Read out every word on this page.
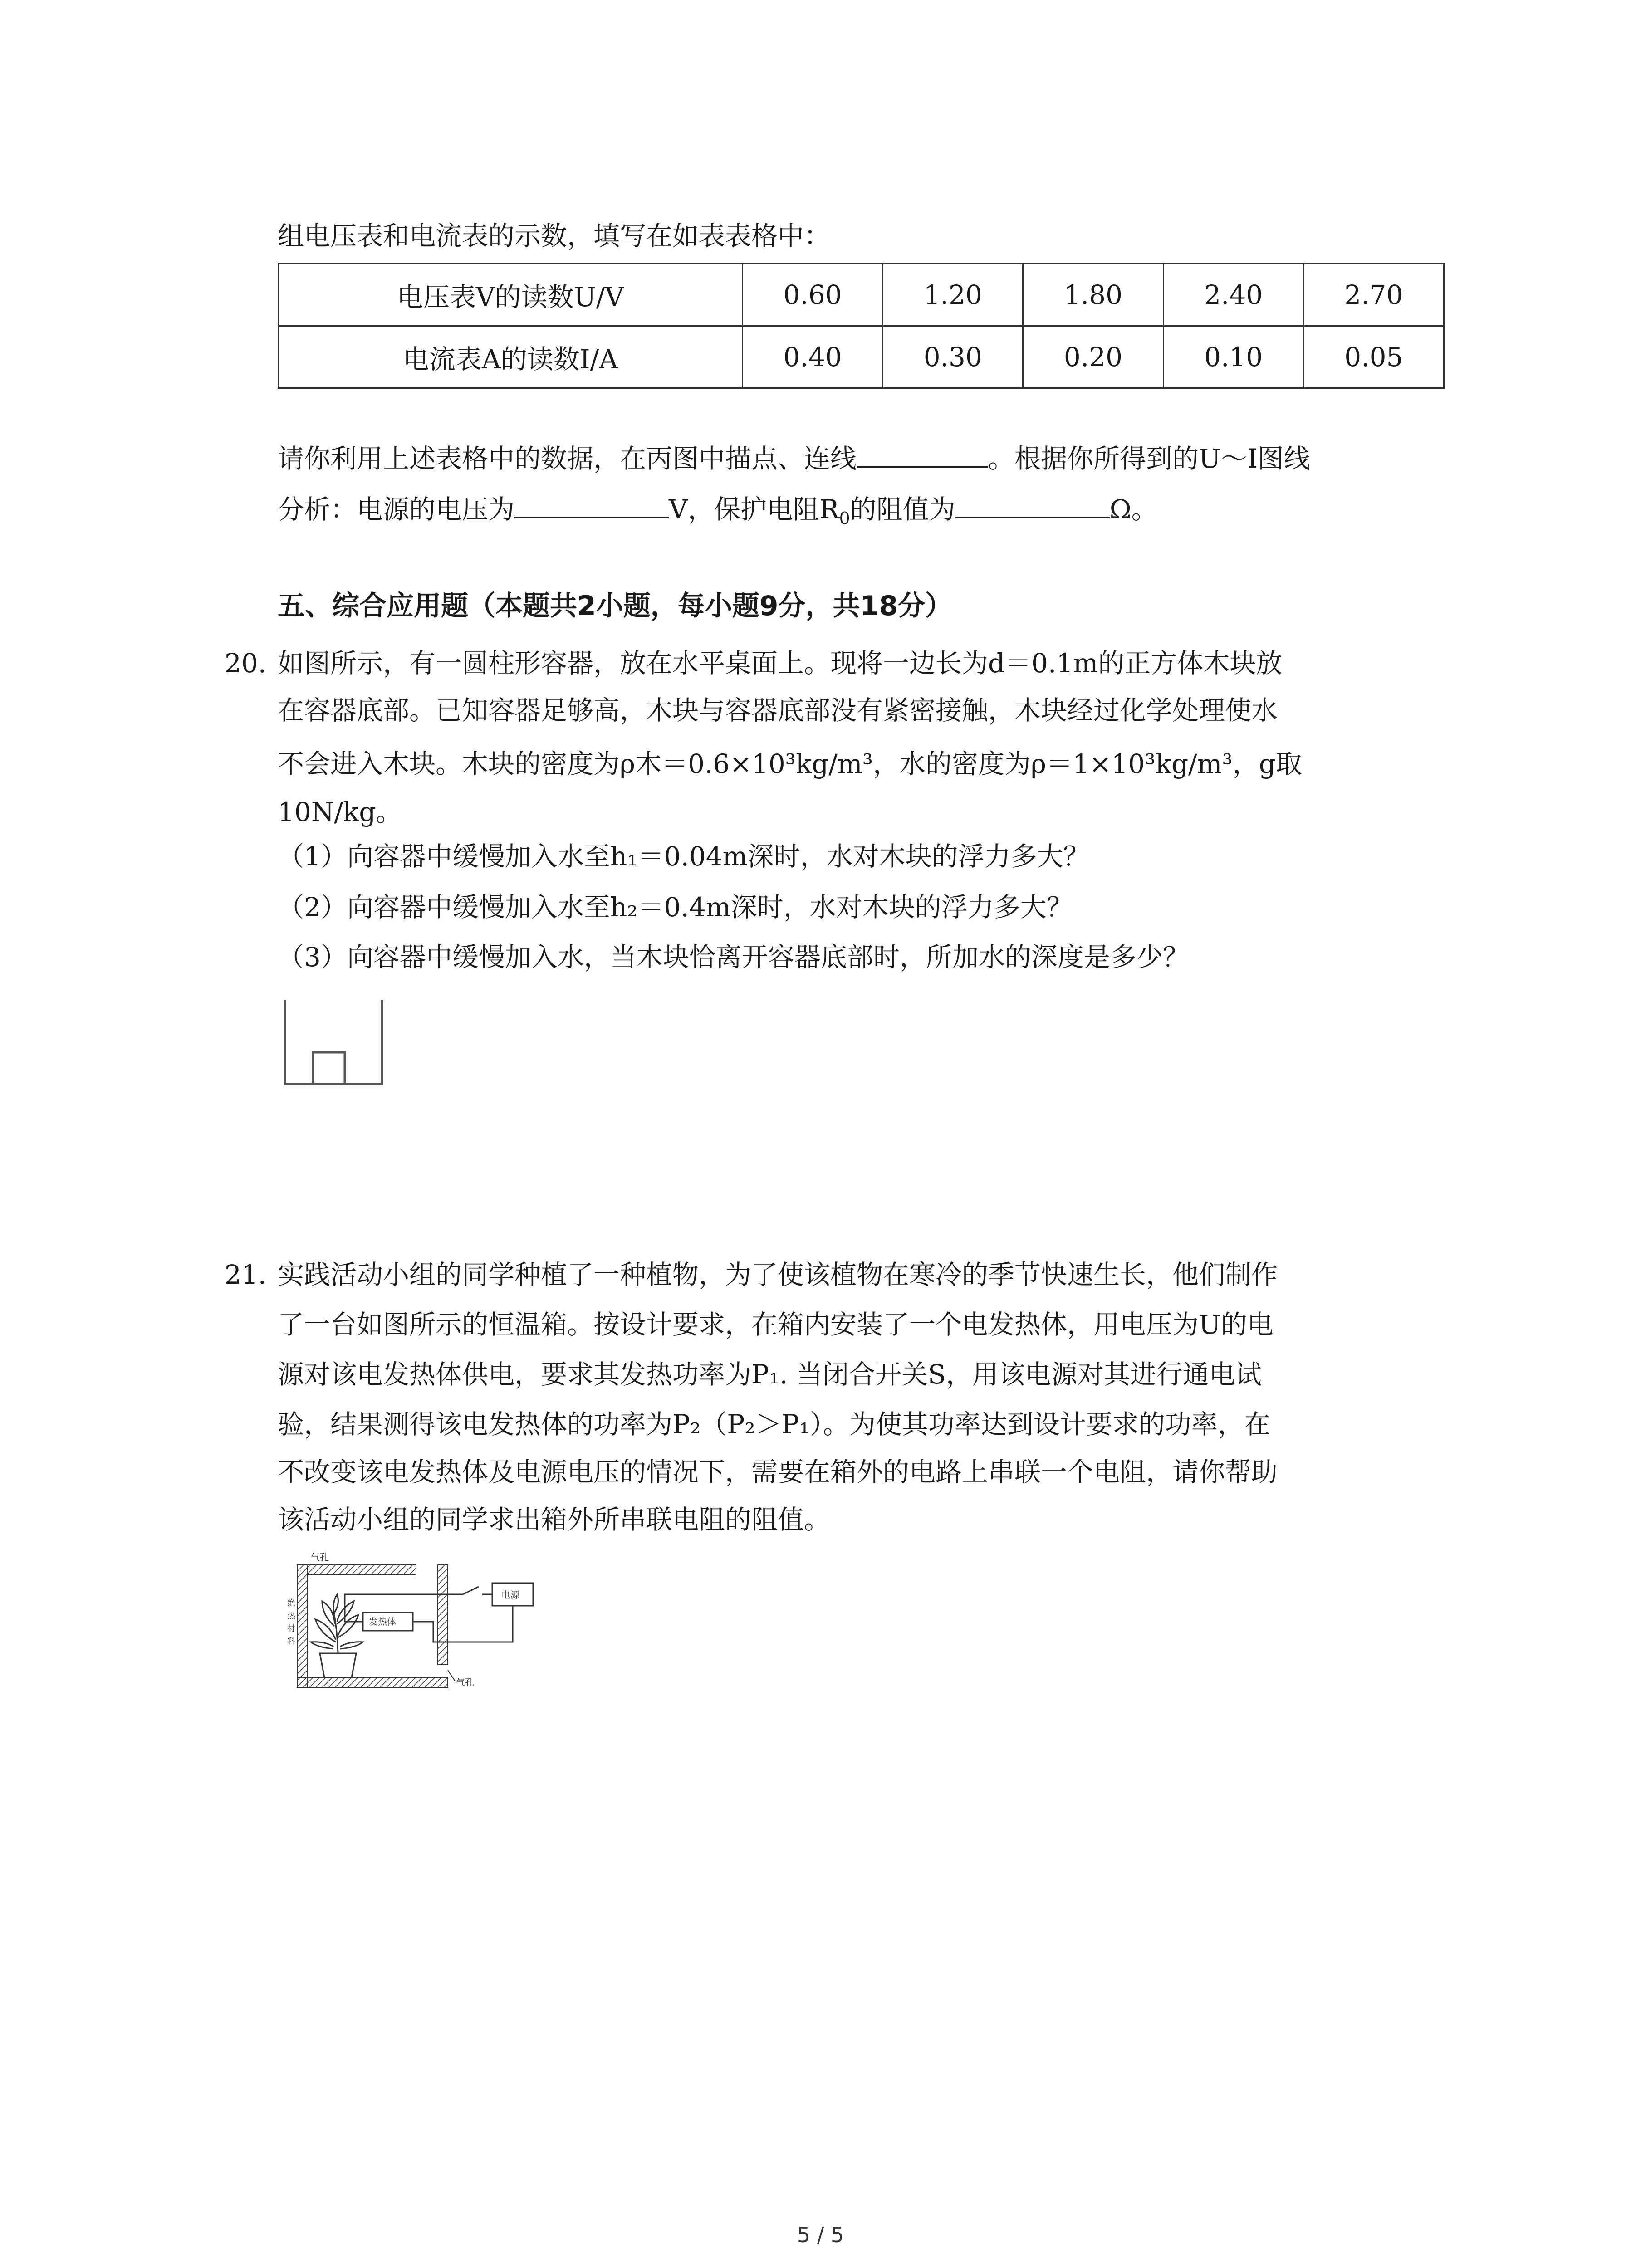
组电压表和电流表的示数，填写在如表表格中：
电压表V的读数U/V	0.60	1.20	1.80	2.40	2.70
电流表A的读数I/A	0.40	0.30	0.20	0.10	0.05
请你利用上述表格中的数据，在丙图中描点、连线	。根据你所得到的U～I图线
分析：电源的电压为	V，保护电阻$R_0$的阻值为	Ω。
五、综合应用题（本题共2小题，每小题9分，共18分）
20. 如图所示，有一圆柱形容器，放在水平桌面上。现将一边长为d＝0.1m的正方体木块放
在容器底部。已知容器足够高，木块与容器底部没有紧密接触，木块经过化学处理使水
不会进入木块。木块的密度为ρ木＝0.6×10³kg/m³，水的密度为ρ＝1×10³kg/m³，g取
10N/kg。
（1）向容器中缓慢加入水至h₁＝0.04m深时，水对木块的浮力多大？
（2）向容器中缓慢加入水至h₂＝0.4m深时，水对木块的浮力多大？
（3）向容器中缓慢加入水，当木块恰离开容器底部时，所加水的深度是多少？
21. 实践活动小组的同学种植了一种植物，为了使该植物在寒冷的季节快速生长，他们制作
了一台如图所示的恒温箱。按设计要求，在箱内安装了一个电发热体，用电压为U的电
源对该电发热体供电，要求其发热功率为P₁. 当闭合开关S，用该电源对其进行通电试
验，结果测得该电发热体的功率为P₂（P₂＞P₁）。为使其功率达到设计要求的功率，在
不改变该电发热体及电源电压的情况下，需要在箱外的电路上串联一个电阻，请你帮助
该活动小组的同学求出箱外所串联电阻的阻值。
气孔
气孔
绝
热
材
料
发热体
电源
5 / 5
